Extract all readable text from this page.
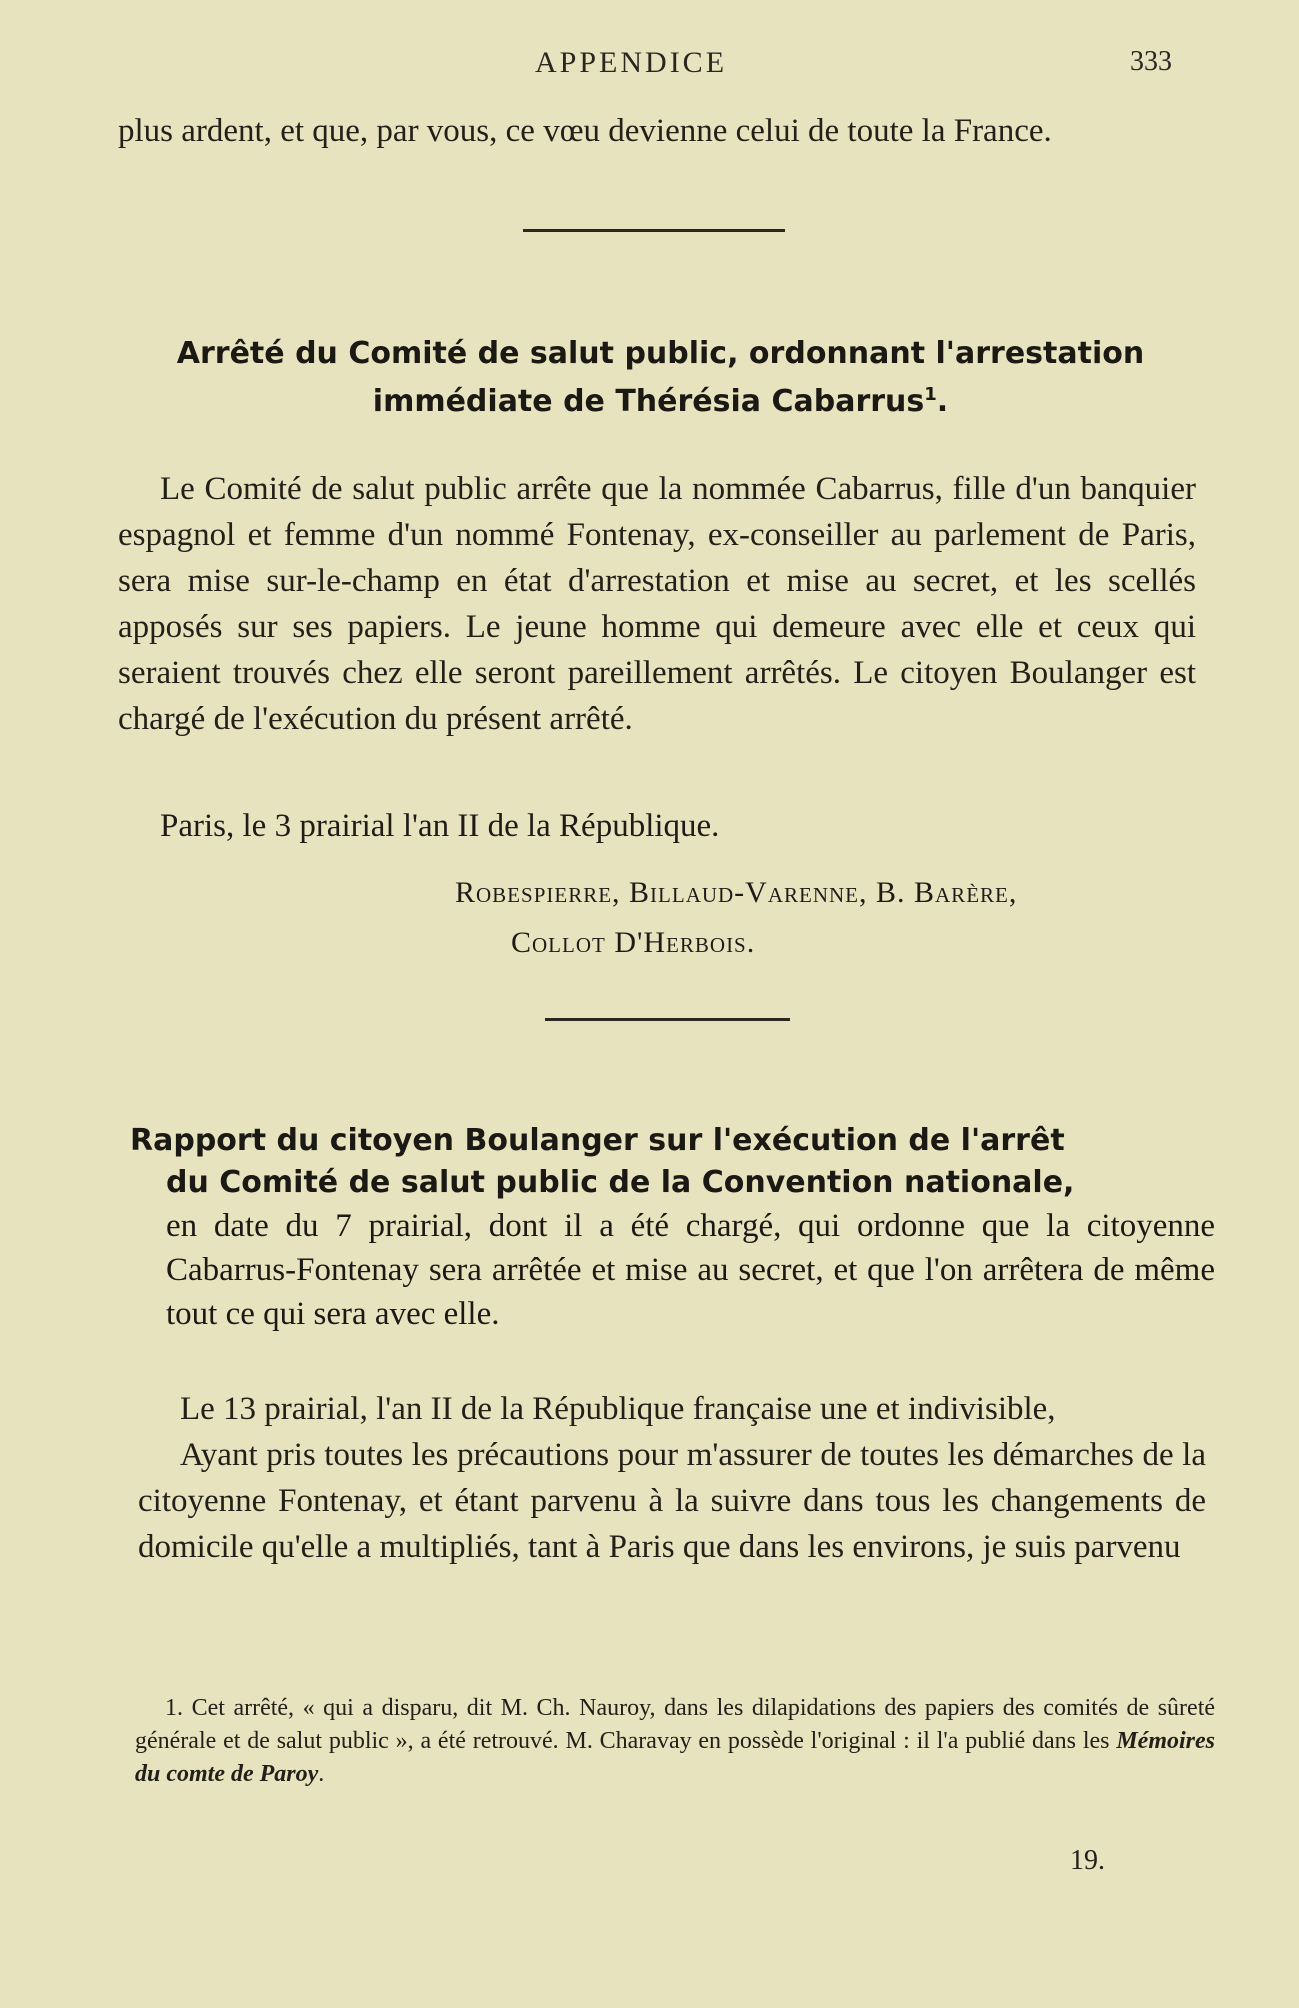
APPENDICE	333

plus ardent, et que, par vous, ce vœu devienne celui de toute la France.

Arrêté du Comité de salut public, ordonnant l'arrestation immédiate de Thérésia Cabarrus$^1$.

Le Comité de salut public arrête que la nommée Cabarrus, fille d'un banquier espagnol et femme d'un nommé Fontenay, ex-conseiller au parlement de Paris, sera mise sur-le-champ en état d'arrestation et mise au secret, et les scellés apposés sur ses papiers. Le jeune homme qui demeure avec elle et ceux qui seraient trouvés chez elle seront pareillement arrêtés. Le citoyen Boulanger est chargé de l'exécution du présent arrêté.

Paris, le 3 prairial l'an II de la République.
Robespierre, Billaud-Varenne, B. Barère,
Collot D'Herbois.
Rapport du citoyen Boulanger sur l'exécution de l'arrêt
du Comité de salut public de la Convention nationale,
en date du 7 prairial, dont il a été chargé, qui ordonne que la citoyenne Cabarrus-Fontenay sera arrêtée et mise au secret, et que l'on arrêtera de même tout ce qui sera avec elle.

Le 13 prairial, l'an II de la République française une et indivisible,

Ayant pris toutes les précautions pour m'assurer de toutes les démarches de la citoyenne Fontenay, et étant parvenu à la suivre dans tous les changements de domicile qu'elle a multipliés, tant à Paris que dans les environs, je suis parvenu

1. Cet arrêté, « qui a disparu, dit M. Ch. Nauroy, dans les dilapidations des papiers des comités de sûreté générale et de salut public », a été retrouvé. M. Charavay en possède l'original : il l'a publié dans les Mémoires du comte de Paroy.
19.
